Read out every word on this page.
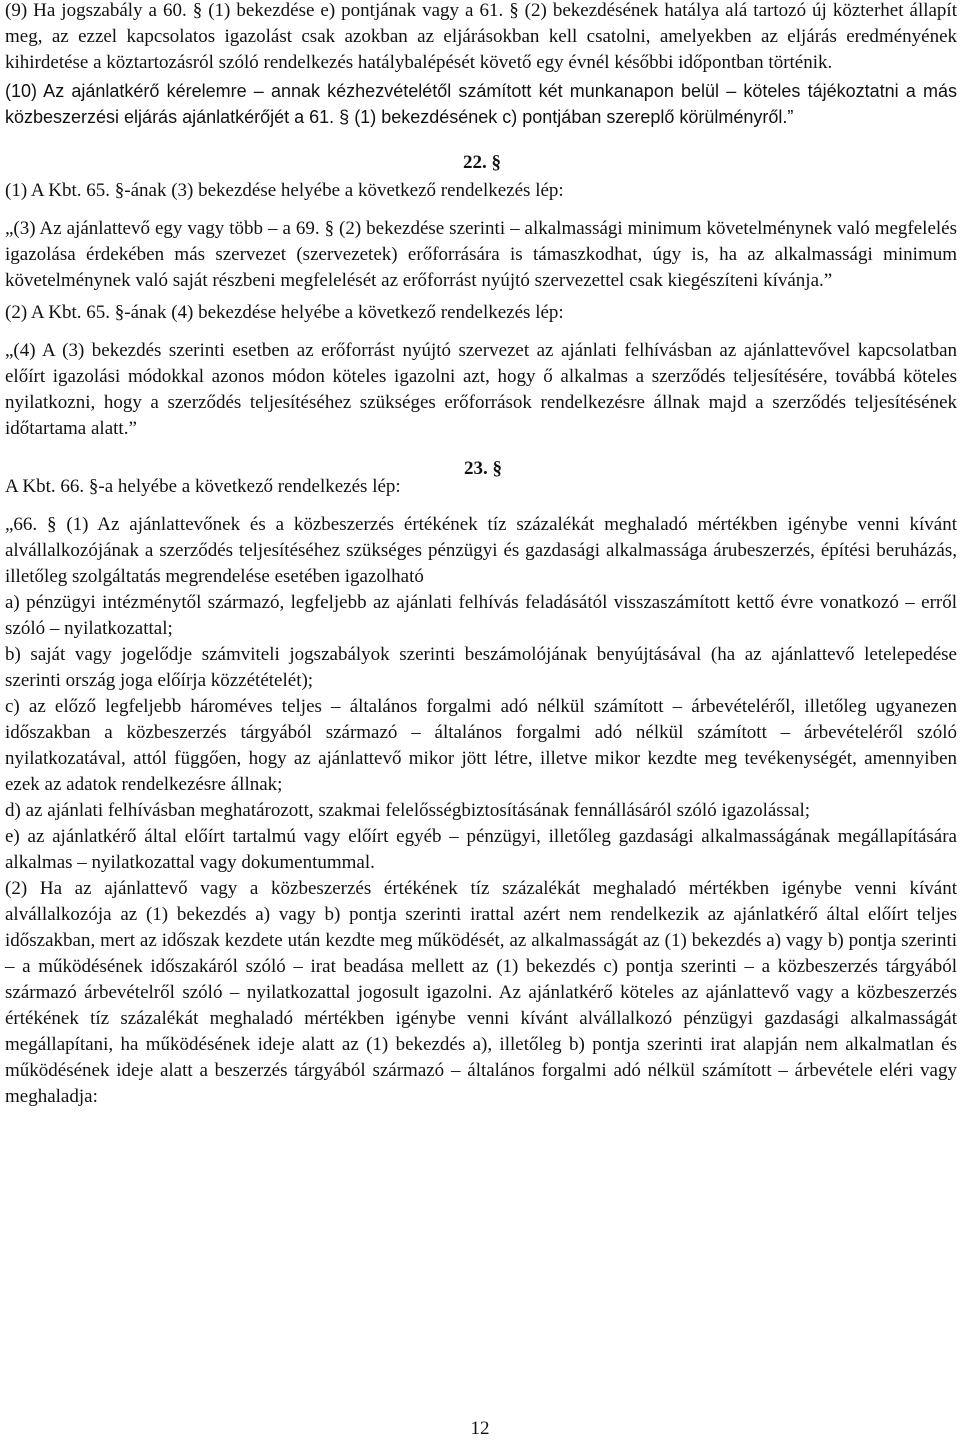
(9) Ha jogszabály a 60. § (1) bekezdése e) pontjának vagy a 61. § (2) bekezdésének hatálya alá tartozó új közterhet állapít meg, az ezzel kapcsolatos igazolást csak azokban az eljárásokban kell csatolni, amelyekben az eljárás eredményének kihirdetése a köztartozásról szóló rendelkezés hatálybalépését követő egy évnél későbbi időpontban történik.

(10) Az ajánlatkérő kérelemre – annak kézhezvételétől számított két munkanapon belül – köteles tájékoztatni a más közbeszerzési eljárás ajánlatkérőjét a 61. § (1) bekezdésének c) pontjában szereplő körülményről.”

22. §

(1) A Kbt. 65. §-ának (3) bekezdése helyébe a következő rendelkezés lép:

„(3) Az ajánlattevő egy vagy több – a 69. § (2) bekezdése szerinti – alkalmassági minimum követelménynek való megfelelés igazolása érdekében más szervezet (szervezetek) erőforrására is támaszkodhat, úgy is, ha az alkalmassági minimum követelménynek való saját részbeni megfelelését az erőforrást nyújtó szervezettel csak kiegészíteni kívánja.”

(2) A Kbt. 65. §-ának (4) bekezdése helyébe a következő rendelkezés lép:

„(4) A (3) bekezdés szerinti esetben az erőforrást nyújtó szervezet az ajánlati felhívásban az ajánlattevővel kapcsolatban előírt igazolási módokkal azonos módon köteles igazolni azt, hogy ő alkalmas a szerződés teljesítésére, továbbá köteles nyilatkozni, hogy a szerződés teljesítéséhez szükséges erőforrások rendelkezésre állnak majd a szerződés teljesítésének időtartama alatt.”

23. §

A Kbt. 66. §-a helyébe a következő rendelkezés lép:

„66. § (1) Az ajánlattevőnek és a közbeszerzés értékének tíz százalékát meghaladó mértékben igénybe venni kívánt alvállalkozójának a szerződés teljesítéséhez szükséges pénzügyi és gazdasági alkalmassága árubeszerzés, építési beruházás, illetőleg szolgáltatás megrendelése esetében igazolható

a) pénzügyi intézménytől származó, legfeljebb az ajánlati felhívás feladásától visszaszámított kettő évre vonatkozó – erről szóló – nyilatkozattal;

b) saját vagy jogelődje számviteli jogszabályok szerinti beszámolójának benyújtásával (ha az ajánlattevő letelepedése szerinti ország joga előírja közzétételét);

c) az előző legfeljebb hároméves teljes – általános forgalmi adó nélkül számított – árbevételéről, illetőleg ugyanezen időszakban a közbeszerzés tárgyából származó – általános forgalmi adó nélkül számított – árbevételéről szóló nyilatkozatával, attól függően, hogy az ajánlattevő mikor jött létre, illetve mikor kezdte meg tevékenységét, amennyiben ezek az adatok rendelkezésre állnak;

d) az ajánlati felhívásban meghatározott, szakmai felelősségbiztosításának fennállásáról szóló igazolással;

e) az ajánlatkérő által előírt tartalmú vagy előírt egyéb – pénzügyi, illetőleg gazdasági alkalmasságának megállapítására alkalmas – nyilatkozattal vagy dokumentummal.

(2) Ha az ajánlattevő vagy a közbeszerzés értékének tíz százalékát meghaladó mértékben igénybe venni kívánt alvállalkozója az (1) bekezdés a) vagy b) pontja szerinti irattal azért nem rendelkezik az ajánlatkérő által előírt teljes időszakban, mert az időszak kezdete után kezdte meg működését, az alkalmasságát az (1) bekezdés a) vagy b) pontja szerinti – a működésének időszakáról szóló – irat beadása mellett az (1) bekezdés c) pontja szerinti – a közbeszerzés tárgyából származó árbevételről szóló – nyilatkozattal jogosult igazolni. Az ajánlatkérő köteles az ajánlattevő vagy a közbeszerzés értékének tíz százalékát meghaladó mértékben igénybe venni kívánt alvállalkozó pénzügyi gazdasági alkalmasságát megállapítani, ha működésének ideje alatt az (1) bekezdés a), illetőleg b) pontja szerinti irat alapján nem alkalmatlan és működésének ideje alatt a beszerzés tárgyából származó – általános forgalmi adó nélkül számított – árbevétele eléri vagy meghaladja:

12
